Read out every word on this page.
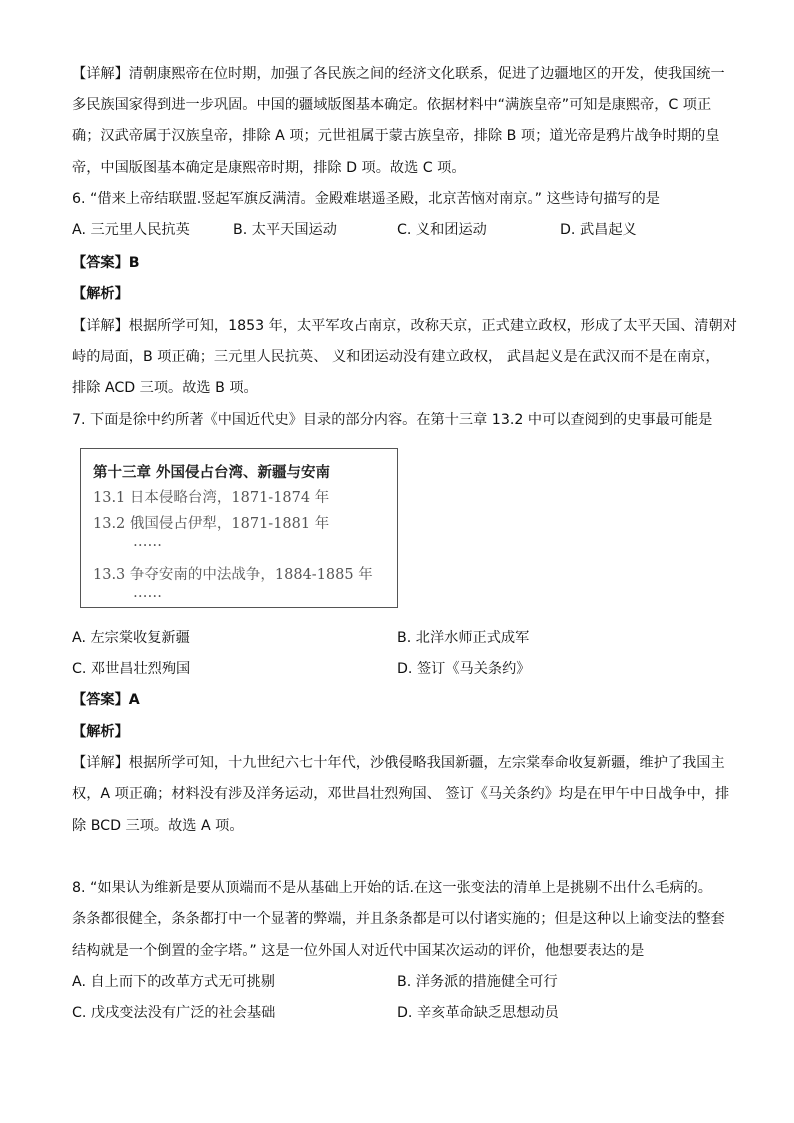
【详解】清朝康熙帝在位时期，加强了各民族之间的经济文化联系，促进了边疆地区的开发，使我国统一
多民族国家得到进一步巩固。中国的疆域版图基本确定。依据材料中“满族皇帝”可知是康熙帝，C 项正
确；汉武帝属于汉族皇帝，排除 A 项；元世祖属于蒙古族皇帝，排除 B 项；道光帝是鸦片战争时期的皇
帝，中国版图基本确定是康熙帝时期，排除 D 项。故选 C 项。
6. “借来上帝结联盟.竖起军旗反满清。金殿难堪遥圣殿，北京苦恼对南京。” 这些诗句描写的是
A. 三元里人民抗英	B. 太平天国运动	C. 义和团运动	D. 武昌起义
【答案】B
【解析】
【详解】根据所学可知，1853 年，太平军攻占南京，改称天京，正式建立政权，形成了太平天国、清朝对
峙的局面，B 项正确；三元里人民抗英、 义和团运动没有建立政权， 武昌起义是在武汉而不是在南京，
排除 ACD 三项。故选 B 项。
7. 下面是徐中约所著《中国近代史》目录的部分内容。在第十三章 13.2 中可以查阅到的史事最可能是
第十三章 外国侵占台湾、新疆与安南
13.1 日本侵略台湾，1871-1874 年
13.2 俄国侵占伊犁，1871-1881 年
……
13.3 争夺安南的中法战争，1884-1885 年
……
A. 左宗棠收复新疆	B. 北洋水师正式成军
C. 邓世昌壮烈殉国	D. 签订《马关条约》
【答案】A
【解析】
【详解】根据所学可知，十九世纪六七十年代，沙俄侵略我国新疆，左宗棠奉命收复新疆，维护了我国主
权，A 项正确；材料没有涉及洋务运动，邓世昌壮烈殉国、 签订《马关条约》均是在甲午中日战争中，排
除 BCD 三项。故选 A 项。
8. “如果认为维新是要从顶端而不是从基础上开始的话.在这一张变法的清单上是挑剔不出什么毛病的。
条条都很健全，条条都打中一个显著的弊端，并且条条都是可以付诸实施的；但是这种以上谕变法的整套
结构就是一个倒置的金字塔。” 这是一位外国人对近代中国某次运动的评价，他想要表达的是
A. 自上而下的改革方式无可挑剔	B. 洋务派的措施健全可行
C. 戊戌变法没有广泛的社会基础	D. 辛亥革命缺乏思想动员
